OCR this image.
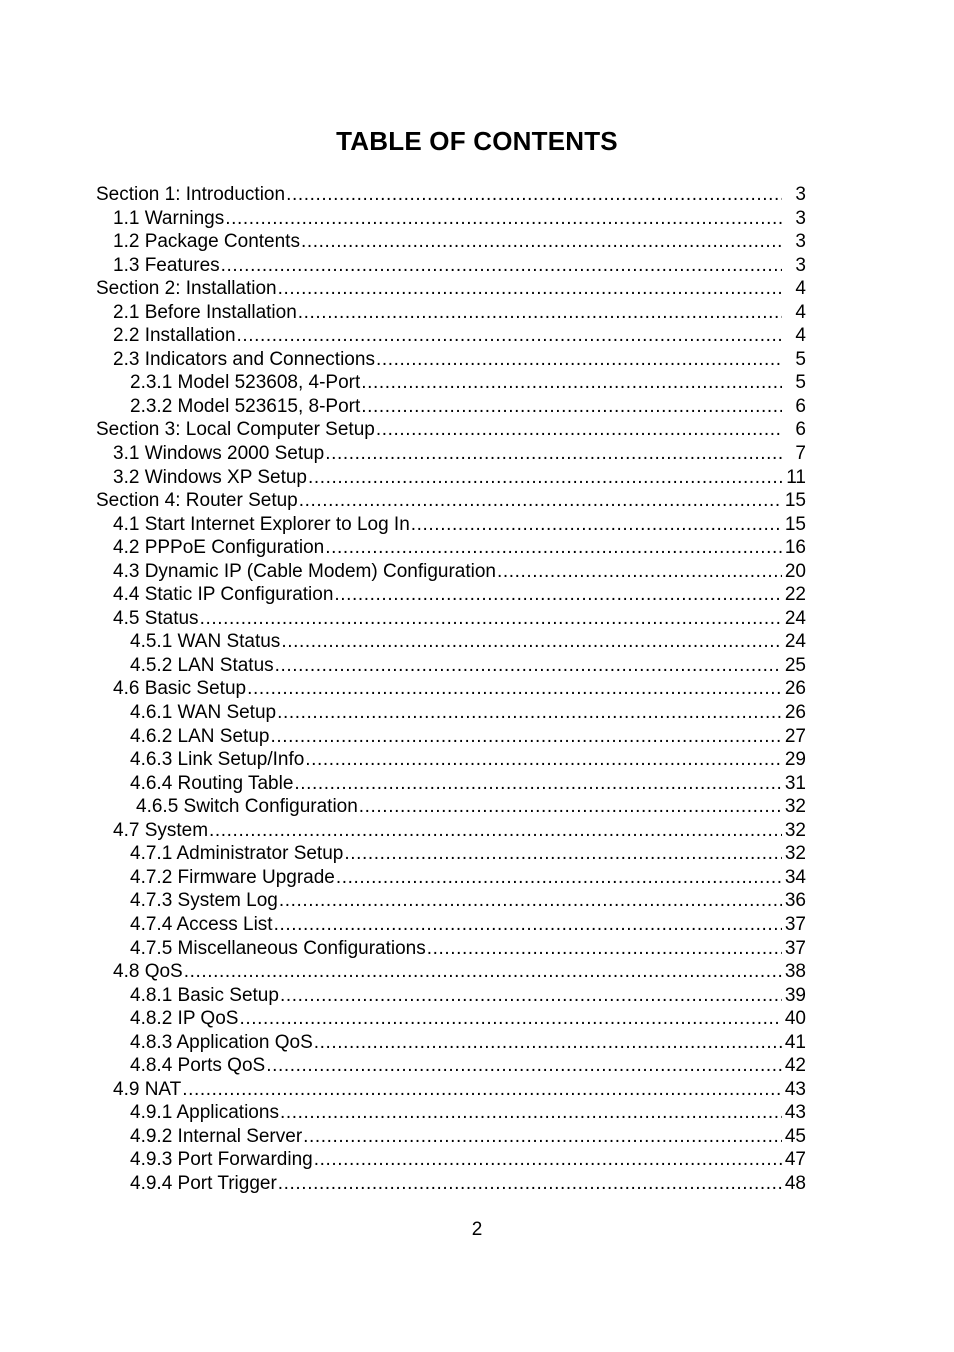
TABLE OF CONTENTS
Section 1: Introduction .....	3
1.1 Warnings .....	3
1.2 Package Contents .....	3
1.3 Features .....	3
Section 2: Installation .....	4
2.1 Before Installation .....	4
2.2 Installation .....	4
2.3 Indicators and Connections .....	5
2.3.1 Model 523608, 4-Port .....	5
2.3.2 Model 523615, 8-Port .....	6
Section 3: Local Computer Setup .....	6
3.1 Windows 2000 Setup .....	7
3.2 Windows XP Setup .....	11
Section 4: Router Setup .....	15
4.1 Start Internet Explorer to Log In .....	15
4.2 PPPoE Configuration .....	16
4.3 Dynamic IP (Cable Modem) Configuration .....	20
4.4 Static IP Configuration .....	22
4.5 Status .....	24
4.5.1 WAN Status .....	24
4.5.2 LAN Status .....	25
4.6 Basic Setup .....	26
4.6.1 WAN Setup .....	26
4.6.2 LAN Setup .....	27
4.6.3 Link Setup/Info .....	29
4.6.4 Routing Table .....	31
4.6.5 Switch Configuration .....	32
4.7 System .....	32
4.7.1 Administrator Setup .....	32
4.7.2 Firmware Upgrade .....	34
4.7.3 System Log .....	36
4.7.4 Access List .....	37
4.7.5 Miscellaneous Configurations .....	37
4.8 QoS .....	38
4.8.1 Basic Setup .....	39
4.8.2 IP QoS .....	40
4.8.3 Application QoS .....	41
4.8.4 Ports QoS .....	42
4.9 NAT .....	43
4.9.1 Applications .....	43
4.9.2 Internal Server .....	45
4.9.3 Port Forwarding .....	47
4.9.4 Port Trigger .....	48
2
